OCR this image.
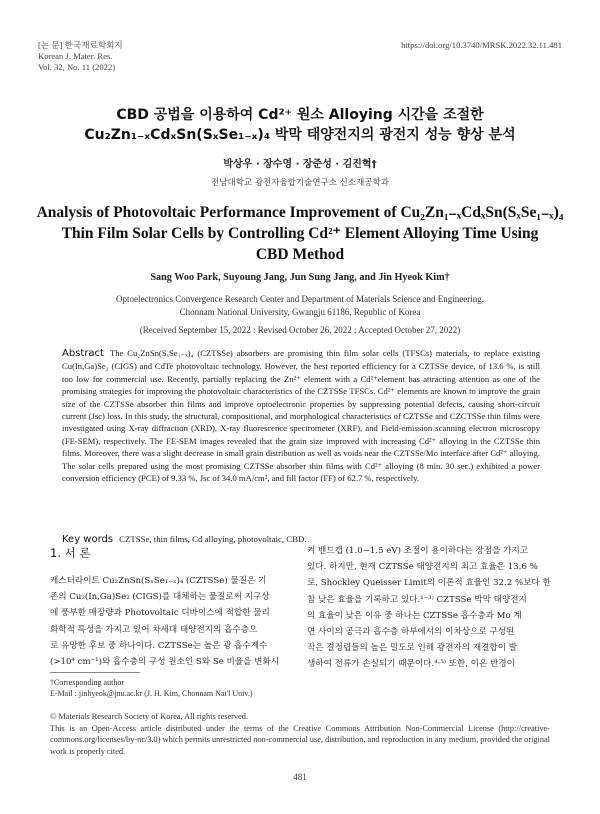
[논 문] 한국재료학회지
Korean J. Mater. Res.
Vol. 32, No. 11 (2022)
https://doi.org/10.3740/MRSK.2022.32.11.481
CBD 공법을 이용하여 Cd²⁺ 원소 Alloying 시간을 조절한
Cu₂Zn₁₋ₓCdₓSn(SₓSe₁₋ₓ)₄ 박막 태양전지의 광전지 성능 향상 분석
박상우 · 장수영 · 장준성 · 김진혁†
전남대학교 광전자융합기술연구소 신소재공학과
Analysis of Photovoltaic Performance Improvement of Cu₂Zn₁₋ₓCdₓSn(SₓSe₁₋ₓ)₄
Thin Film Solar Cells by Controlling Cd²⁺ Element Alloying Time Using
CBD Method
Sang Woo Park, Suyoung Jang, Jun Sung Jang, and Jin Hyeok Kim†
Optoelectronics Convergence Research Center and Department of Materials Science and Engineering,
Chonnam National University, Gwangju 61186, Republic of Korea
(Received September 15, 2022 : Revised October 26, 2022 : Accepted October 27, 2022)
Abstract The Cu₂ZnSn(SₓSe₁₋ₓ)₄ (CZTSSe) absorbers are promising thin film solar cells (TFSCs) materials, to replace existing Cu(In,Ga)Se₂ (CIGS) and CdTe photovoltaic technology. However, the best reported efficiency for a CZTSSe device, of 13.6 %, is still too low for commercial use. Recently, partially replacing the Zn²⁺ element with a Cd²⁺element has attracting attention as one of the promising strategies for improving the photovoltaic characteristics of the CZTSSe TFSCs. Cd²⁺ elements are known to improve the grain size of the CZTSSe absorber thin films and improve optoelectronic properties by suppressing potential defects, causing short-circuit current (Jsc) loss. In this study, the structural, compositional, and morphological characteristics of CZTSSe and CZCTSSe thin films were investigated using X-ray diffraction (XRD), X-ray fluorescence spectrometer (XRF), and Field-emission scanning electron microscopy (FE-SEM), respectively. The FE-SEM images revealed that the grain size improved with increasing Cd²⁺ alloying in the CZTSSe thin films. Moreover, there was a slight decrease in small grain distribution as well as voids near the CZTSSe/Mo interface after Cd²⁺ alloying. The solar cells prepared using the most promising CZTSSe absorber thin films with Cd²⁺ alloying (8 min. 30 sec.) exhibited a power conversion efficiency (PCE) of 9.33 %, Jsc of 34.0 mA/cm², and fill factor (FF) of 62.7 %, respectively.
Key words CZTSSe, thin films, Cd alloying, photovoltaic, CBD.
1. 서 론
케스터라이트 Cu₂ZnSn(SₓSe₁₋ₓ)₄ (CZTSSe) 물질은 기
존의 Cu₂(In,Ga)Se₂ (CIGS)를 대체하는 물질로써 지구상
에 풍부한 매장량과 Photovoltaic 디바이스에 적합한 물리
화학적 특성을 가지고 있어 차세대 태양전지의 흡수층으
로 유망한 후보 중 하나이다. CZTSSe는 높은 광 흡수계수
(>10⁴ cm⁻¹)와 흡수층의 구성 원소인 S와 Se 비율을 변화시
켜 밴드갭 (1.0~1.5 eV) 조절이 용이하다는 장점을 가지고
있다. 하지만, 현재 CZTSSe 태양전지의 최고 효율은 13.6 %
로, Shockley Queisser Limit의 이론적 효율인 32.2 %보다 한
참 낮은 효율을 기록하고 있다.¹⁻³⁾ CZTSSe 박막 태양전지
의 효율이 낮은 이유 중 하나는 CZTSSe 흡수층과 Mo 계
면 사이의 공극과 흡수층 하부에서의 이차상으로 구성된
작은 결정립들의 높은 밀도로 인해 광전자의 재결합이 발
생하여 전류가 손실되기 때문이다.⁴·⁵⁾ 또한, 이온 반경이
†Corresponding author
E-Mail : jinhyeok@jnu.ac.kr (J. H. Kim, Chonnam Nat'l Univ.)
© Materials Research Society of Korea, All rights reserved.
This is an Open-Access article distributed under the terms of the Creative Commons Attribution Non-Commercial License (http://creative-commons.org/licenses/by-nc/3.0) which permits unrestricted non-commercial use, distribution, and reproduction in any medium, provided the original work is properly cited.
481
